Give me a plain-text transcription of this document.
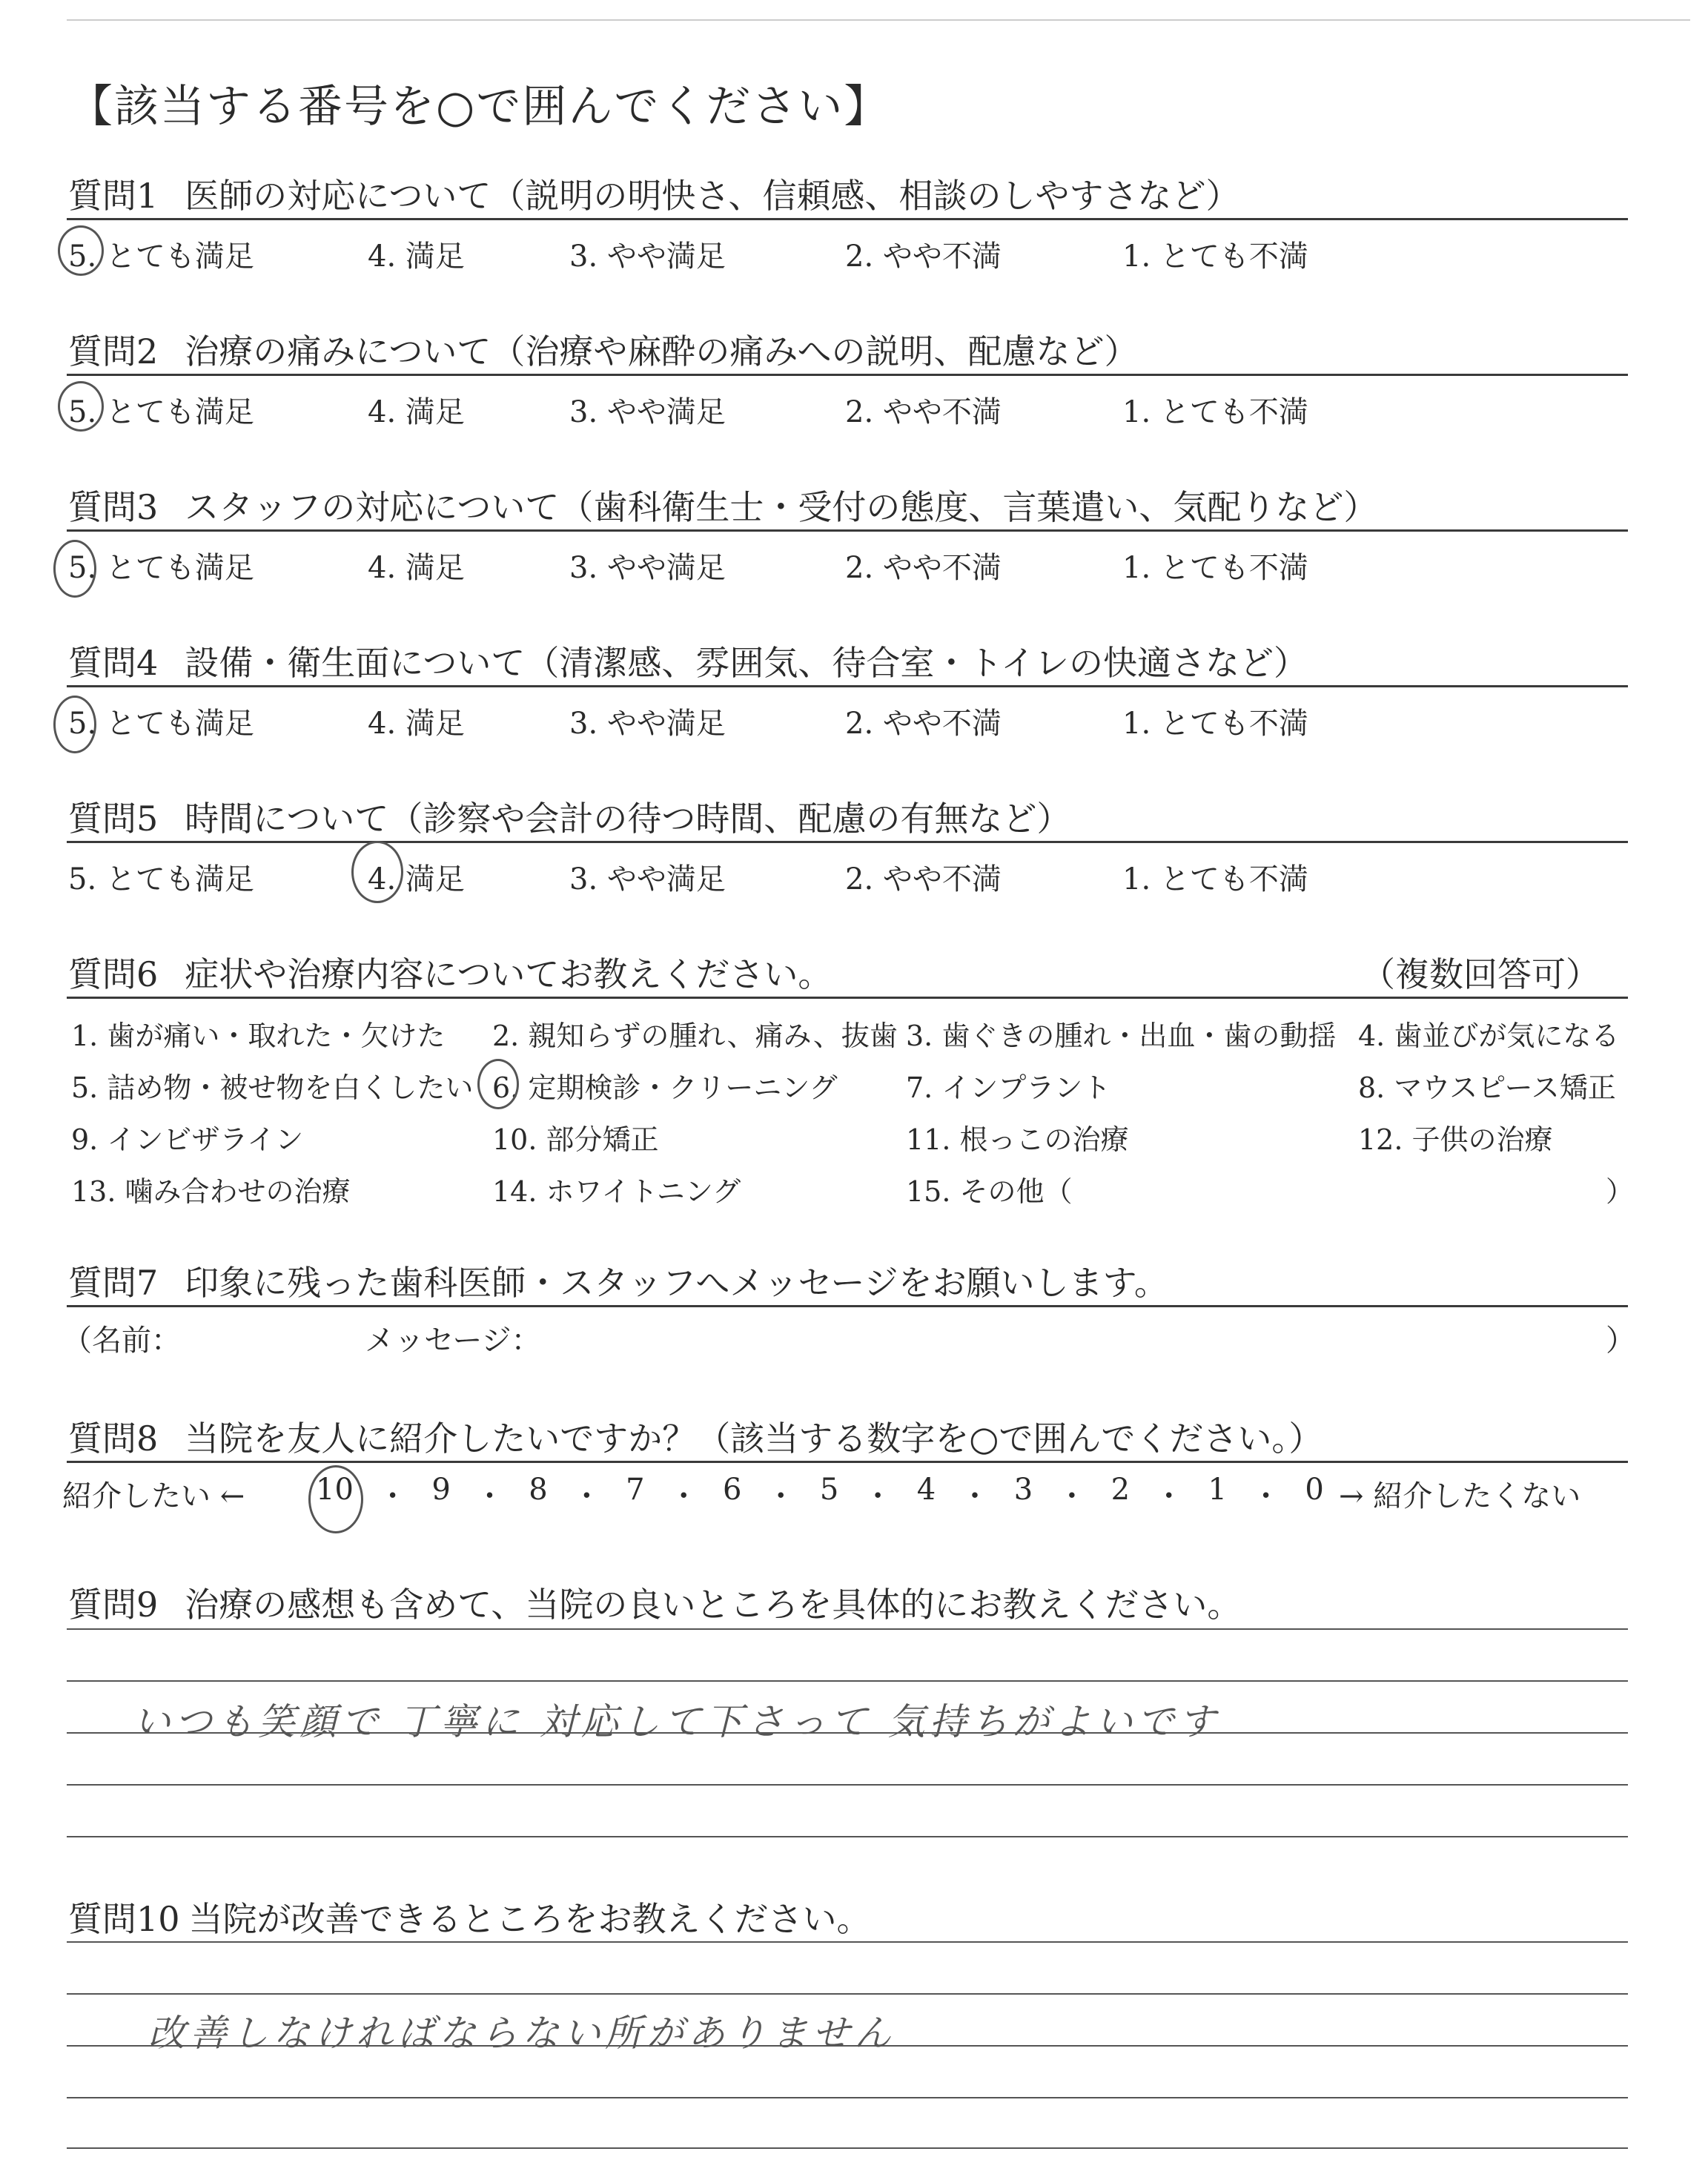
【該当する番号を○で囲んでください】
質問1 医師の対応について（説明の明快さ、信頼感、相談のしやすさなど）
5. とても満足	4. 満足	3. やや満足	2. やや不満	1. とても不満
質問2 治療の痛みについて（治療や麻酔の痛みへの説明、配慮など）
5. とても満足	4. 満足	3. やや満足	2. やや不満	1. とても不満
質問3 スタッフの対応について（歯科衛生士・受付の態度、言葉遣い、気配りなど）
5. とても満足	4. 満足	3. やや満足	2. やや不満	1. とても不満
質問4 設備・衛生面について（清潔感、雰囲気、待合室・トイレの快適さなど）
5. とても満足	4. 満足	3. やや満足	2. やや不満	1. とても不満
質問5 時間について（診察や会計の待つ時間、配慮の有無など）
5. とても満足	4. 満足	3. やや満足	2. やや不満	1. とても不満
質問6 症状や治療内容についてお教えください。	（複数回答可）
1. 歯が痛い・取れた・欠けた 2. 親知らずの腫れ、痛み、抜歯 3. 歯ぐきの腫れ・出血・歯の動揺 4. 歯並びが気になる
5. 詰め物・被せ物を白くしたい 6. 定期検診・クリーニング 7. インプラント	8. マウスピース矯正
9. インビザライン	10. 部分矯正	11. 根っこの治療	12. 子供の治療
13. 噛み合わせの治療	14. ホワイトニング	15. その他（	）
質問7 印象に残った歯科医師・スタッフへメッセージをお願いします。
（名前：	メッセージ：	）
質問8 当院を友人に紹介したいですか？（該当する数字を○で囲んでください。）
紹介したい ← 10 ・ 9 ・ 8 ・ 7 ・ 6 ・ 5 ・ 4 ・ 3 ・ 2 ・ 1 ・ 0 → 紹介したくない
質問9 治療の感想も含めて、当院の良いところを具体的にお教えください。
いつも笑顔で 丁寧に 対応して下さって 気持ちがよいです
質問10 当院が改善できるところをお教えください。
改善しなければならない所がありません
